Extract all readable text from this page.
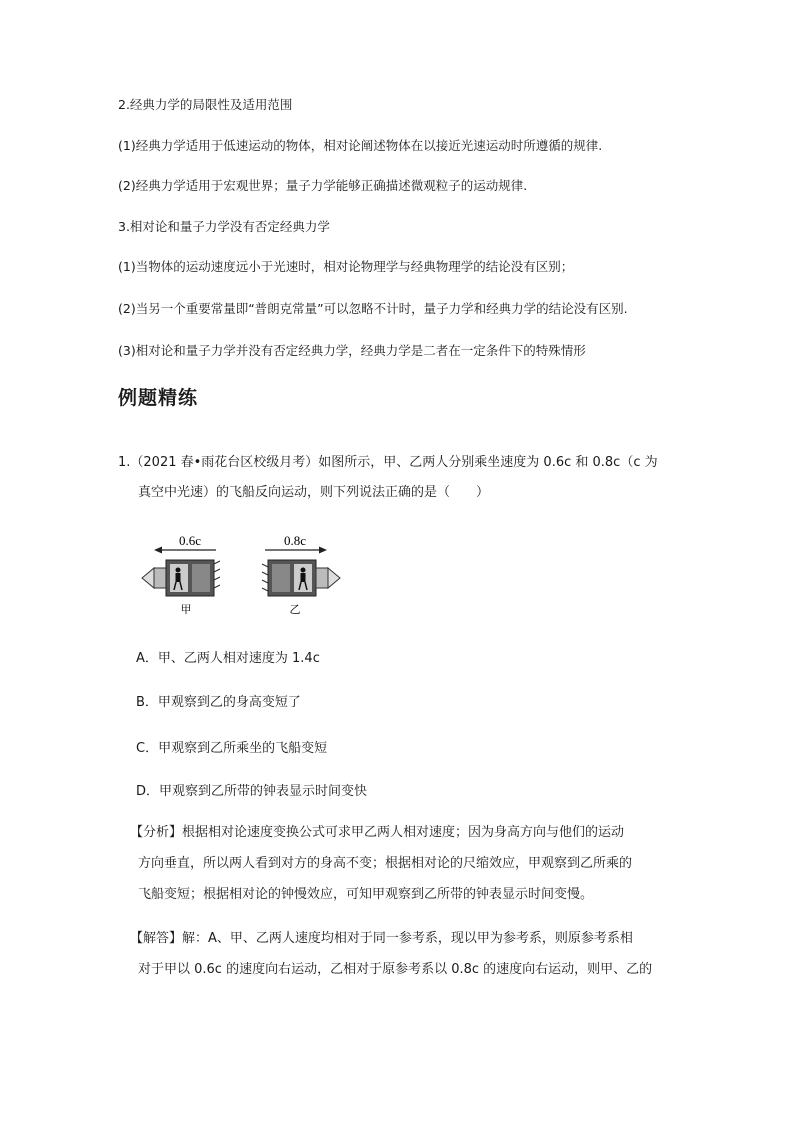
2.经典力学的局限性及适用范围
(1)经典力学适用于低速运动的物体，相对论阐述物体在以接近光速运动时所遵循的规律.
(2)经典力学适用于宏观世界；量子力学能够正确描述微观粒子的运动规律.
3.相对论和量子力学没有否定经典力学
(1)当物体的运动速度远小于光速时，相对论物理学与经典物理学的结论没有区别；
(2)当另一个重要常量即“普朗克常量”可以忽略不计时，量子力学和经典力学的结论没有区别.
(3)相对论和量子力学并没有否定经典力学，经典力学是二者在一定条件下的特殊情形
例题精练
1.（2021 春•雨花台区校级月考）如图所示，甲、乙两人分别乘坐速度为 0.6c 和 0.8c（c 为
真空中光速）的飞船反向运动，则下列说法正确的是（　　）
0.6c	0.8c
甲	乙
A．甲、乙两人相对速度为 1.4c
B．甲观察到乙的身高变短了
C．甲观察到乙所乘坐的飞船变短
D．甲观察到乙所带的钟表显示时间变快
【分析】根据相对论速度变换公式可求甲乙两人相对速度；因为身高方向与他们的运动
方向垂直，所以两人看到对方的身高不变；根据相对论的尺缩效应，甲观察到乙所乘的
飞船变短；根据相对论的钟慢效应，可知甲观察到乙所带的钟表显示时间变慢。
【解答】解：A、甲、乙两人速度均相对于同一参考系，现以甲为参考系，则原参考系相
对于甲以 0.6c 的速度向右运动，乙相对于原参考系以 0.8c 的速度向右运动，则甲、乙的
